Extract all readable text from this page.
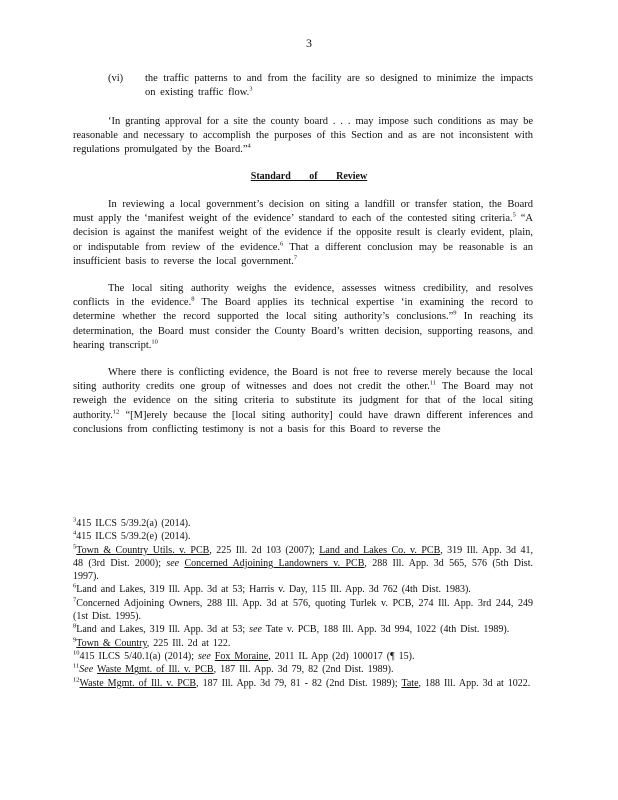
3
(vi) the traffic patterns to and from the facility are so designed to minimize the impacts on existing traffic flow.$^3$
‘In granting approval for a site the county board . . . may impose such conditions as may be reasonable and necessary to accomplish the purposes of this Section and as are not inconsistent with regulations promulgated by the Board.”$^4$
Standard of Review
In reviewing a local government’s decision on siting a landfill or transfer station, the Board must apply the ‘manifest weight of the evidence’ standard to each of the contested siting criteria.$^5$ “A decision is against the manifest weight of the evidence if the opposite result is clearly evident, plain, or indisputable from review of the evidence.$^6$ That a different conclusion may be reasonable is an insufficient basis to reverse the local government.$^7$
The local siting authority weighs the evidence, assesses witness credibility, and resolves conflicts in the evidence.$^8$ The Board applies its technical expertise ‘in examining the record to determine whether the record supported the local siting authority’s conclusions.”$^9$ In reaching its determination, the Board must consider the County Board’s written decision, supporting reasons, and hearing transcript.$^{10}$
Where there is conflicting evidence, the Board is not free to reverse merely because the local siting authority credits one group of witnesses and does not credit the other.$^{11}$ The Board may not reweigh the evidence on the siting criteria to substitute its judgment for that of the local siting authority.$^{12}$ “[M]erely because the [local siting authority] could have drawn different inferences and conclusions from conflicting testimony is not a basis for this Board to reverse the

$^3$415 ILCS 5/39.2(a) (2014).

$^4$415 ILCS 5/39.2(e) (2014).

$^5$Town & Country Utils. v. PCB, 225 Ill. 2d 103 (2007); Land and Lakes Co. v. PCB, 319 Ill. App. 3d 41, 48 (3rd Dist. 2000); see Concerned Adjoining Landowners v. PCB, 288 Ill. App. 3d 565, 576 (5th Dist. 1997).

$^6$Land and Lakes, 319 Ill. App. 3d at 53; Harris v. Day, 115 Ill. App. 3d 762 (4th Dist. 1983).

$^7$Concerned Adjoining Owners, 288 Ill. App. 3d at 576, quoting Turlek v. PCB, 274 Ill. App. 3rd 244, 249 (1st Dist. 1995).

$^8$Land and Lakes, 319 Ill. App. 3d at 53; see Tate v. PCB, 188 Ill. App. 3d 994, 1022 (4th Dist. 1989).

$^9$Town & Country, 225 Ill. 2d at 122.

$^{10}$415 ILCS 5/40.1(a) (2014); see Fox Moraine, 2011 IL App (2d) 100017 (¶ 15).

$^{11}$See Waste Mgmt. of Ill. v. PCB, 187 Ill. App. 3d 79, 82 (2nd Dist. 1989).

$^{12}$Waste Mgmt. of Ill. v. PCB, 187 Ill. App. 3d 79, 81 - 82 (2nd Dist. 1989); Tate, 188 Ill. App. 3d at 1022.
